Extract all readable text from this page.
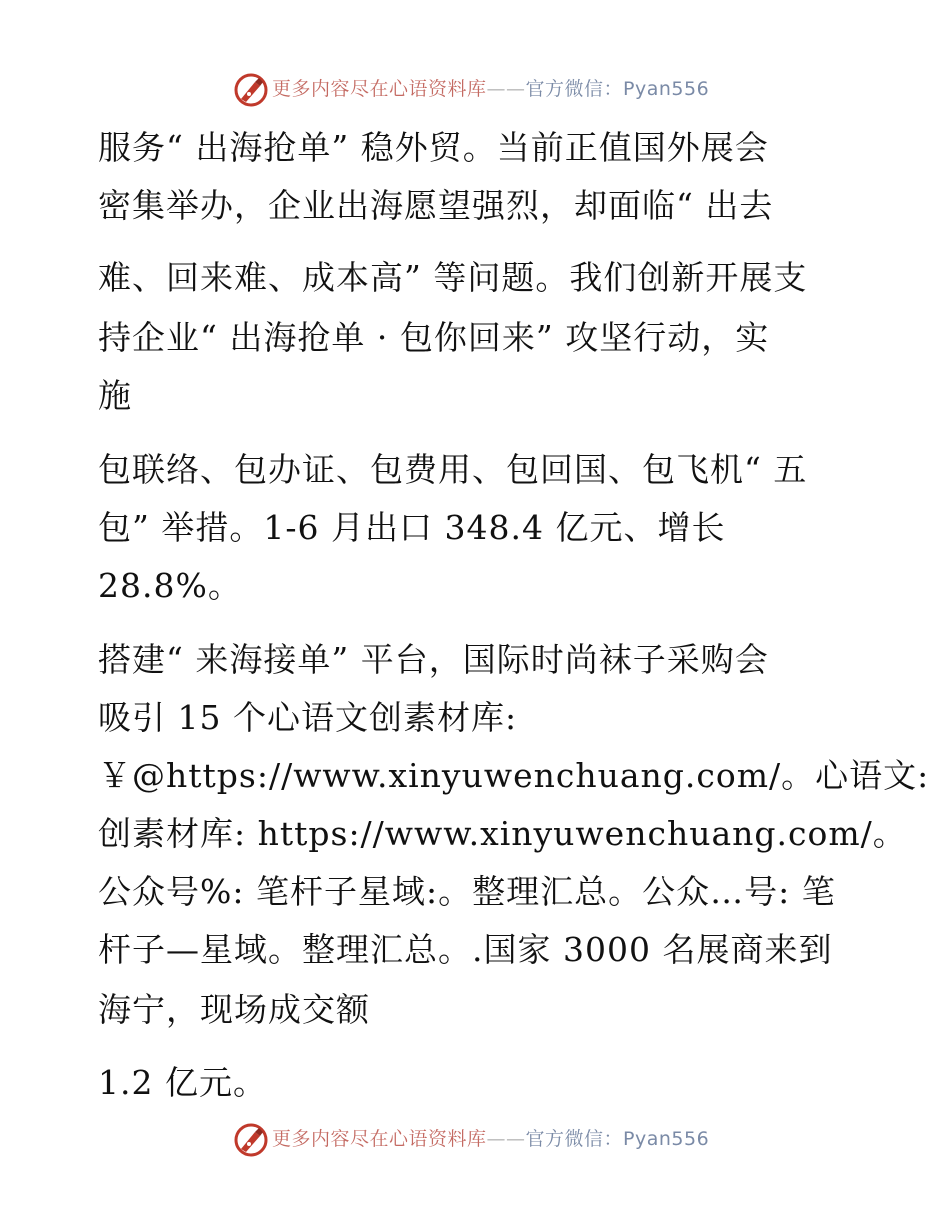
更多内容尽在心语资料库——官方微信：Pyan556

服务“ 出海抢单” 稳外贸。当前正值国外展会

密集举办，企业出海愿望强烈，却面临“ 出去

难、回来难、成本高” 等问题。我们创新开展支

持企业“ 出海抢单 · 包你回来” 攻坚行动，实

施

包联络、包办证、包费用、包回国、包飞机“ 五

包” 举措。1-6 月出口 348.4 亿元、增长

28.8%。

搭建“ 来海接单” 平台，国际时尚袜子采购会

吸引 15 个心语文创素材库:

￥@https://www.xinyuwenchuang.com/。心语文:

创素材库: https://www.xinyuwenchuang.com/。

公众号%: 笔杆子星域:。整理汇总。公众…号: 笔

杆子—星域。整理汇总。.国家 3000 名展商来到

海宁，现场成交额

1.2 亿元。

更多内容尽在心语资料库——官方微信：Pyan556
